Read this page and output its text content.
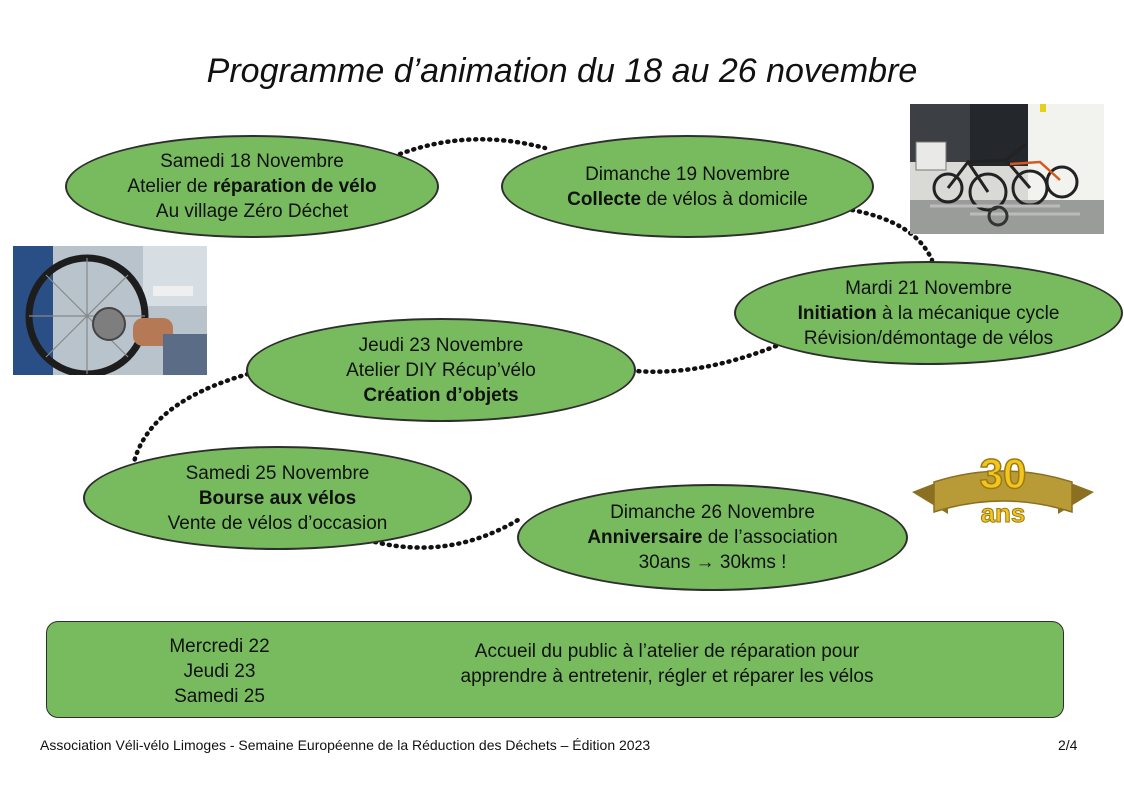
Programme d’animation du 18 au 26 novembre
Samedi 18 Novembre
Atelier de réparation de vélo
Au village Zéro Déchet
Dimanche 19 Novembre
Collecte de vélos à domicile
Mardi 21 Novembre
Initiation à la mécanique cycle
Révision/démontage de vélos
Jeudi 23 Novembre
Atelier DIY Récup’vélo
Création d’objets
Samedi 25 Novembre
Bourse aux vélos
Vente de vélos d’occasion	Dimanche 26 Novembre
Anniversaire de l’association
30ans → 30kms !
30
ans
Mercredi 22
Jeudi 23
Samedi 25
Accueil du public à l’atelier de réparation pour
apprendre à entretenir, régler et réparer les vélos
Association Véli-vélo Limoges - Semaine Européenne de la Réduction des Déchets – Édition 2023	2/4
